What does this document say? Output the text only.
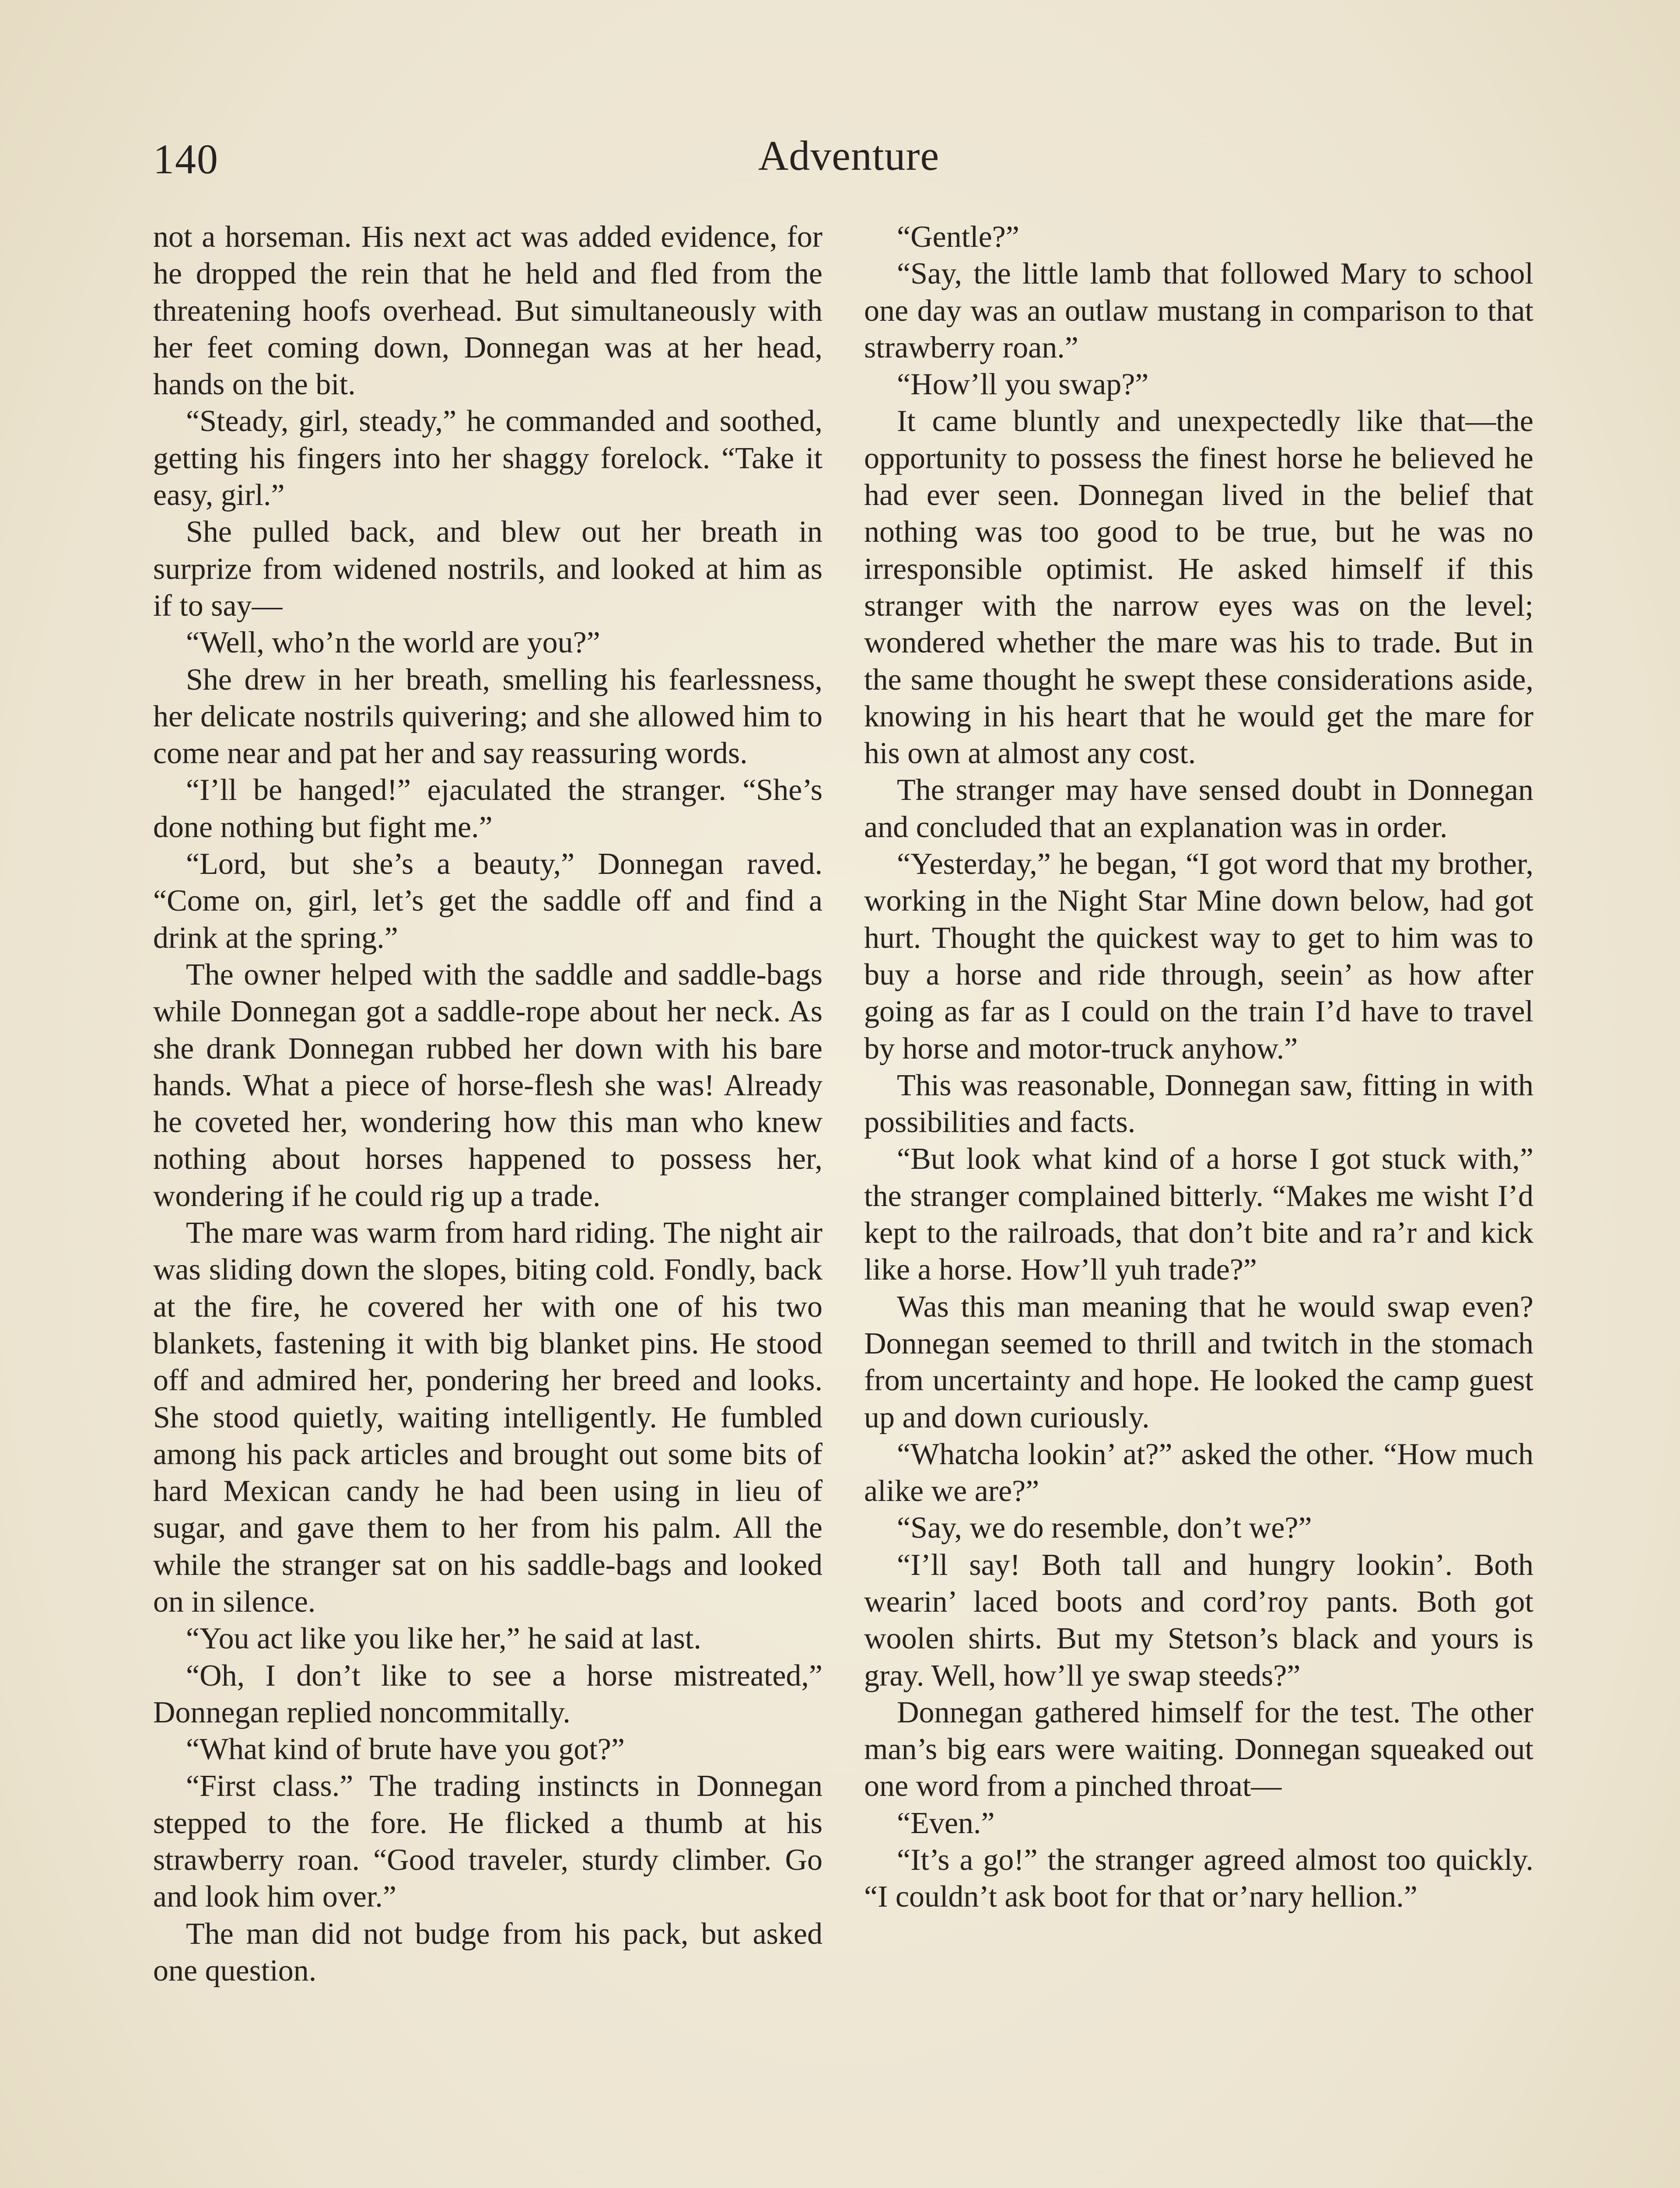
140	Adventure

not a horseman. His next act was added evidence, for he dropped the rein that he held and fled from the threatening hoofs overhead. But simultaneously with her feet coming down, Donnegan was at her head, hands on the bit.

“Steady, girl, steady,” he commanded and soothed, getting his fingers into her shaggy forelock. “Take it easy, girl.”

She pulled back, and blew out her breath in surprize from widened nostrils, and looked at him as if to say—

“Well, who’n the world are you?”

She drew in her breath, smelling his fearlessness, her delicate nostrils quivering; and she allowed him to come near and pat her and say reassuring words.

“I’ll be hanged!” ejaculated the stranger. “She’s done nothing but fight me.”

“Lord, but she’s a beauty,” Donnegan raved. “Come on, girl, let’s get the saddle off and find a drink at the spring.”

The owner helped with the saddle and saddle-bags while Donnegan got a saddle-rope about her neck. As she drank Donnegan rubbed her down with his bare hands. What a piece of horse-flesh she was! Already he coveted her, wondering how this man who knew nothing about horses happened to possess her, wondering if he could rig up a trade.

The mare was warm from hard riding. The night air was sliding down the slopes, biting cold. Fondly, back at the fire, he covered her with one of his two blankets, fastening it with big blanket pins. He stood off and admired her, pondering her breed and looks. She stood quietly, waiting intelligently. He fumbled among his pack articles and brought out some bits of hard Mexican candy he had been using in lieu of sugar, and gave them to her from his palm. All the while the stranger sat on his saddle-bags and looked on in silence.

“You act like you like her,” he said at last.

“Oh, I don’t like to see a horse mistreated,” Donnegan replied noncommitally.

“What kind of brute have you got?”

“First class.” The trading instincts in Donnegan stepped to the fore. He flicked a thumb at his strawberry roan. “Good traveler, sturdy climber. Go and look him over.”

The man did not budge from his pack, but asked one question.

“Gentle?”

“Say, the little lamb that followed Mary to school one day was an outlaw mustang in comparison to that strawberry roan.”

“How’ll you swap?”

It came bluntly and unexpectedly like that—the opportunity to possess the finest horse he believed he had ever seen. Donnegan lived in the belief that nothing was too good to be true, but he was no irresponsible optimist. He asked himself if this stranger with the narrow eyes was on the level; wondered whether the mare was his to trade. But in the same thought he swept these considerations aside, knowing in his heart that he would get the mare for his own at almost any cost.

The stranger may have sensed doubt in Donnegan and concluded that an explanation was in order.

“Yesterday,” he began, “I got word that my brother, working in the Night Star Mine down below, had got hurt. Thought the quickest way to get to him was to buy a horse and ride through, seein’ as how after going as far as I could on the train I’d have to travel by horse and motor-truck anyhow.”

This was reasonable, Donnegan saw, fitting in with possibilities and facts.

“But look what kind of a horse I got stuck with,” the stranger complained bitterly. “Makes me wisht I’d kept to the railroads, that don’t bite and ra’r and kick like a horse. How’ll yuh trade?”

Was this man meaning that he would swap even? Donnegan seemed to thrill and twitch in the stomach from uncertainty and hope. He looked the camp guest up and down curiously.

“Whatcha lookin’ at?” asked the other. “How much alike we are?”

“Say, we do resemble, don’t we?”

“I’ll say! Both tall and hungry lookin’. Both wearin’ laced boots and cord’roy pants. Both got woolen shirts. But my Stetson’s black and yours is gray. Well, how’ll ye swap steeds?”

Donnegan gathered himself for the test. The other man’s big ears were waiting. Donnegan squeaked out one word from a pinched throat—

“Even.”

“It’s a go!” the stranger agreed almost too quickly. “I couldn’t ask boot for that or’nary hellion.”
